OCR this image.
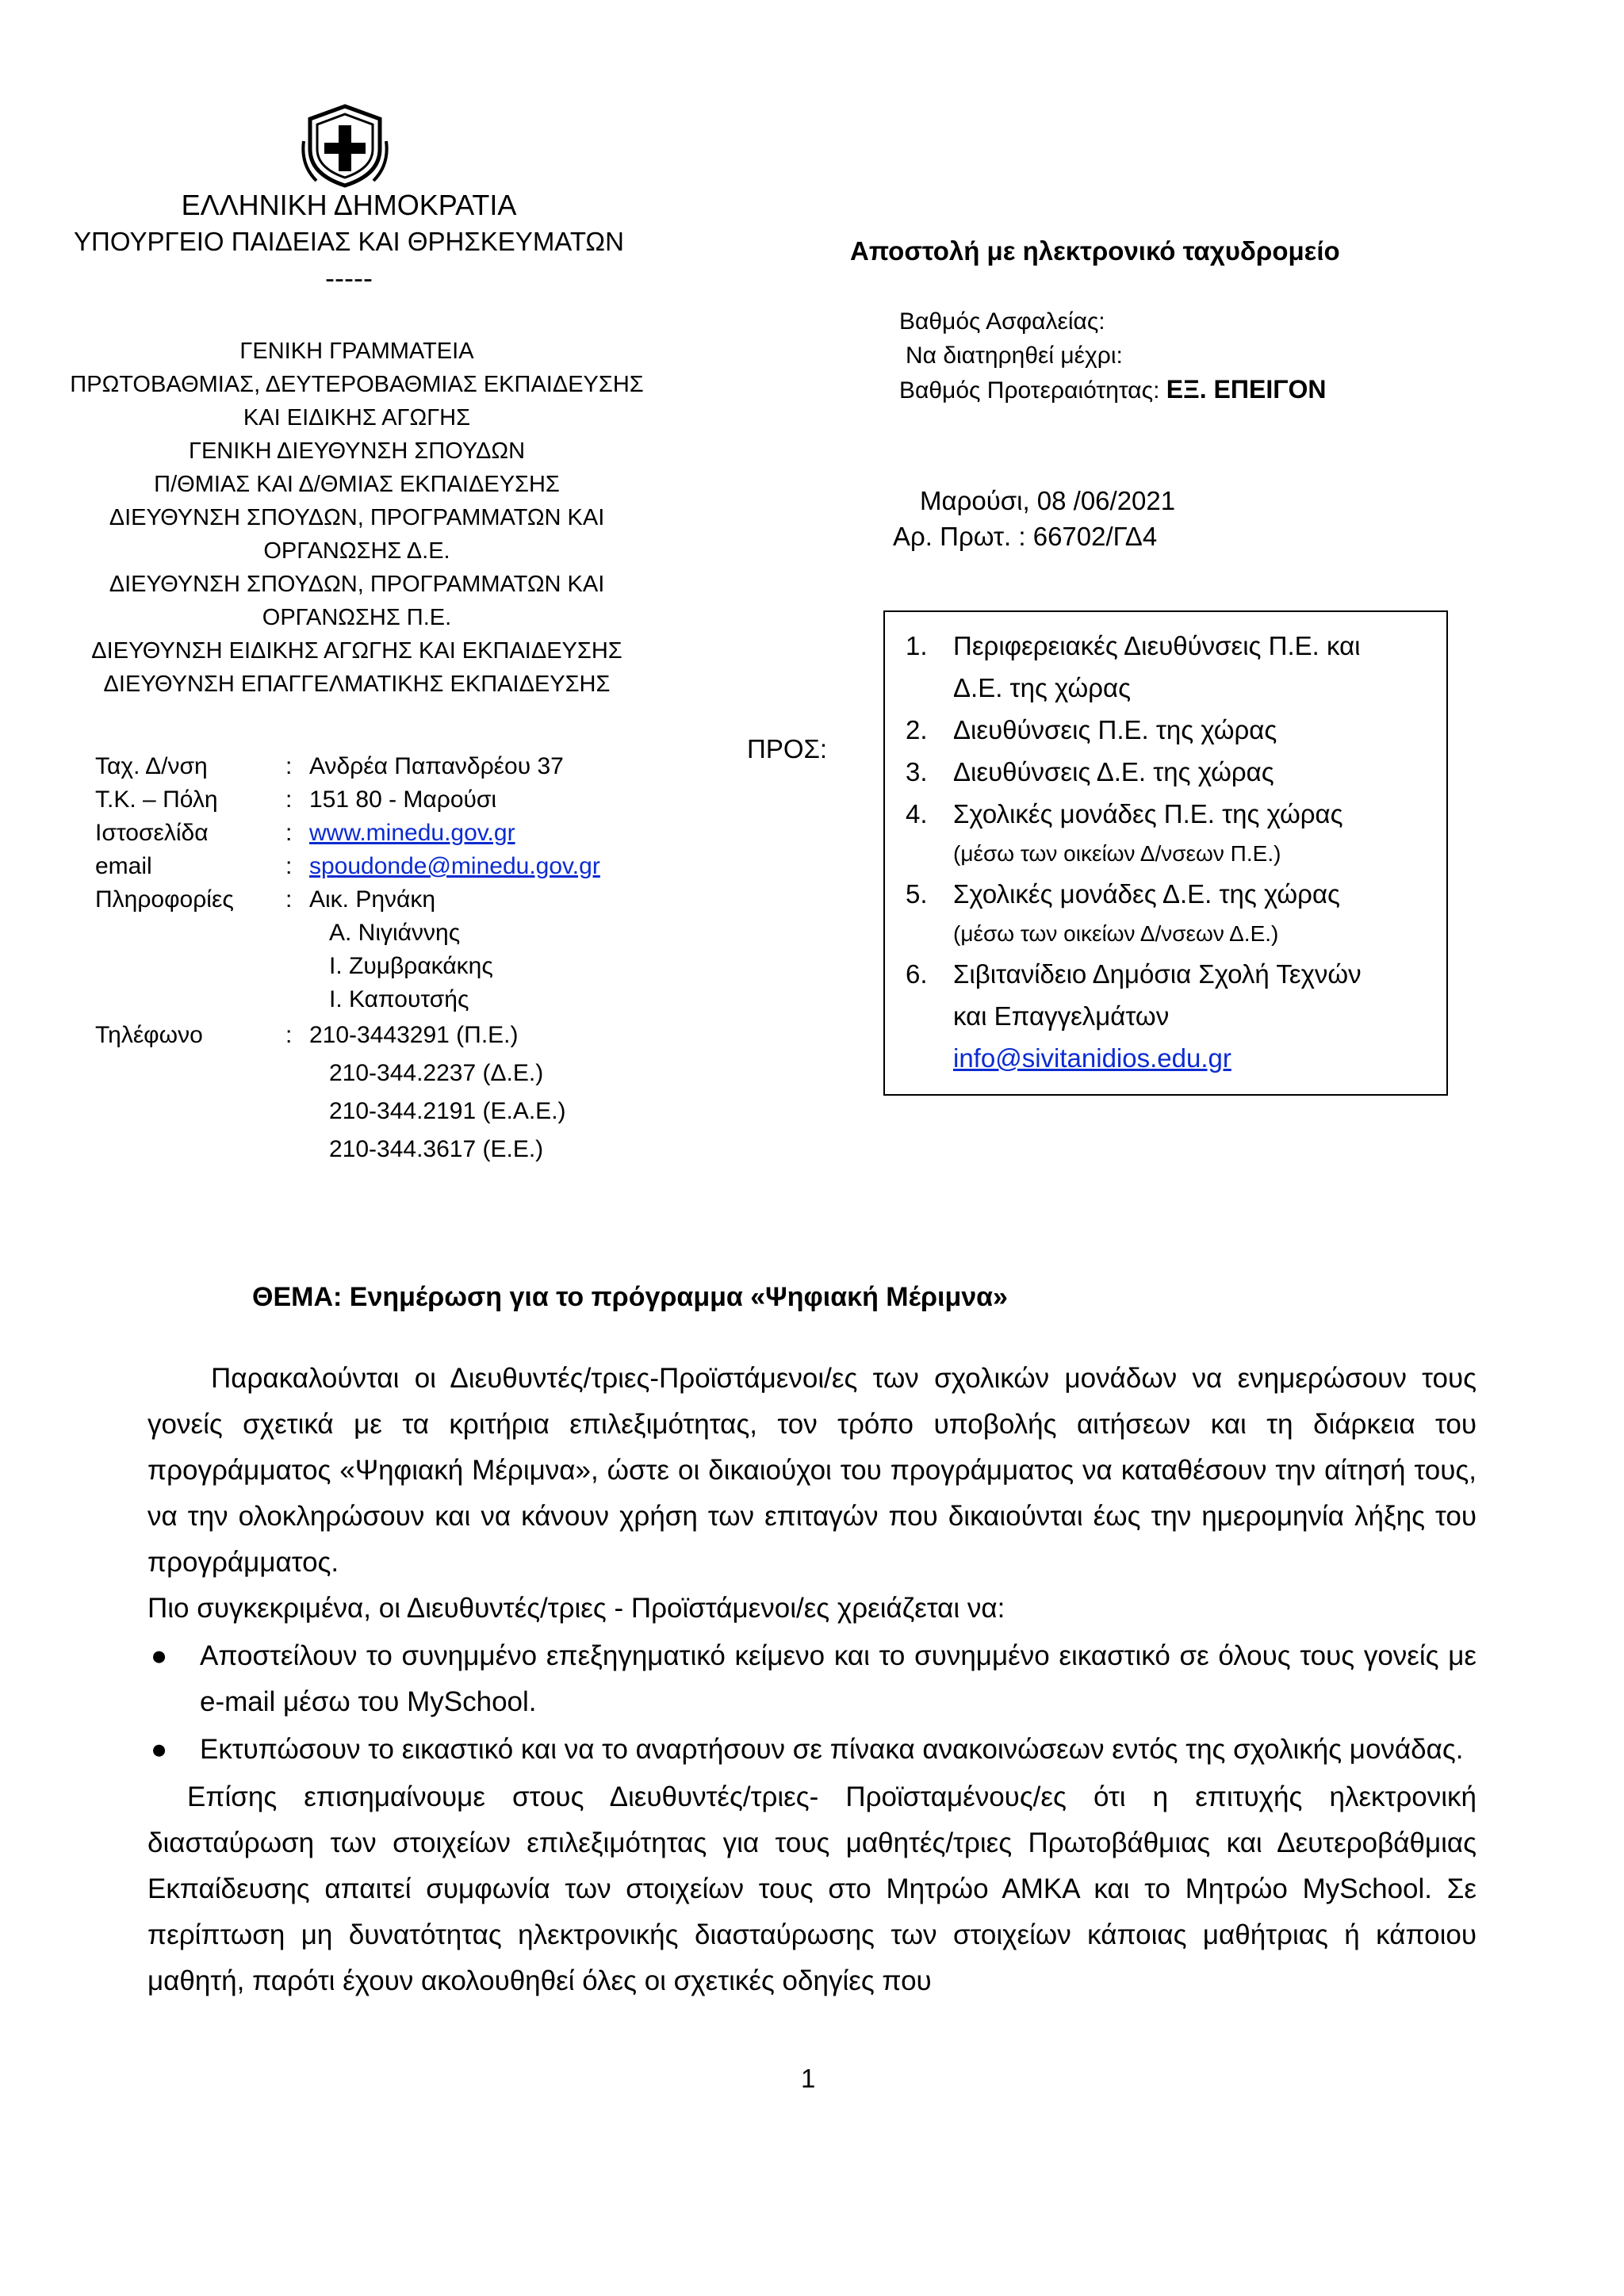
ΕΛΛΗΝΙΚΗ ΔΗΜΟΚΡΑΤΙΑ
ΥΠΟΥΡΓΕΙΟ ΠΑΙΔΕΙΑΣ ΚΑΙ ΘΡΗΣΚΕΥΜΑΤΩΝ
-----
ΓΕΝΙΚΗ ΓΡΑΜΜΑΤΕΙΑ
ΠΡΩΤΟΒΑΘΜΙΑΣ, ΔΕΥΤΕΡΟΒΑΘΜΙΑΣ ΕΚΠΑΙΔΕΥΣΗΣ
ΚΑΙ ΕΙΔΙΚΗΣ ΑΓΩΓΗΣ
ΓΕΝΙΚΗ ΔΙΕΥΘΥΝΣΗ ΣΠΟΥΔΩΝ
Π/ΘΜΙΑΣ ΚΑΙ Δ/ΘΜΙΑΣ ΕΚΠΑΙΔΕΥΣΗΣ
ΔΙΕΥΘΥΝΣΗ ΣΠΟΥΔΩΝ, ΠΡΟΓΡΑΜΜΑΤΩΝ ΚΑΙ
ΟΡΓΑΝΩΣΗΣ Δ.Ε.
ΔΙΕΥΘΥΝΣΗ ΣΠΟΥΔΩΝ, ΠΡΟΓΡΑΜΜΑΤΩΝ ΚΑΙ
ΟΡΓΑΝΩΣΗΣ Π.Ε.
ΔΙΕΥΘΥΝΣΗ ΕΙΔΙΚΗΣ ΑΓΩΓΗΣ ΚΑΙ ΕΚΠΑΙΔΕΥΣΗΣ
ΔΙΕΥΘΥΝΣΗ ΕΠΑΓΓΕΛΜΑΤΙΚΗΣ ΕΚΠΑΙΔΕΥΣΗΣ
Ταχ. Δ/νση	: Ανδρέα Παπανδρέου 37
Τ.Κ. – Πόλη	: 151 80 - Μαρούσι
Ιστοσελίδα	: www.minedu.gov.gr
email	: spoudonde@minedu.gov.gr
Πληροφορίες	: Αικ. Ρηνάκη
Α. Νιγιάννης
Ι. Ζυμβρακάκης
Ι. Καπουτσής
Τηλέφωνο	: 210-3443291 (Π.Ε.)
210-344.2237 (Δ.Ε.)
210-344.2191 (Ε.Α.Ε.)
210-344.3617 (Ε.Ε.)
Αποστολή με ηλεκτρονικό ταχυδρομείο
Βαθμός Ασφαλείας:
Να διατηρηθεί μέχρι:
Βαθμός Προτεραιότητας: ΕΞ. ΕΠΕΙΓΟΝ
Μαρούσι, 08 /06/2021
Αρ. Πρωτ. : 66702/ΓΔ4
ΠΡΟΣ:
1. Περιφερειακές Διευθύνσεις Π.Ε. και
Δ.Ε. της χώρας
2. Διευθύνσεις Π.Ε. της χώρας
3. Διευθύνσεις Δ.Ε. της χώρας
4. Σχολικές μονάδες Π.Ε. της χώρας
(μέσω των οικείων Δ/νσεων Π.Ε.)
5. Σχολικές μονάδες Δ.Ε. της χώρας
(μέσω των οικείων Δ/νσεων Δ.Ε.)
6. Σιβιτανίδειο Δημόσια Σχολή Τεχνών
και Επαγγελμάτων
info@sivitanidios.edu.gr
ΘΕΜΑ: Ενημέρωση για το πρόγραμμα «Ψηφιακή Μέριμνα»

Παρακαλούνται οι Διευθυντές/τριες-Προϊστάμενοι/ες των σχολικών μονάδων να ενημερώσουν τους γονείς σχετικά με τα κριτήρια επιλεξιμότητας, τον τρόπο υποβολής αιτήσεων και τη διάρκεια του προγράμματος «Ψηφιακή Μέριμνα», ώστε οι δικαιούχοι του προγράμματος να καταθέσουν την αίτησή τους, να την ολοκληρώσουν και να κάνουν χρήση των επιταγών που δικαιούνται έως την ημερομηνία λήξης του προγράμματος.

Πιο συγκεκριμένα, οι Διευθυντές/τριες - Προϊστάμενοι/ες χρειάζεται να:

●	Αποστείλουν το συνημμένο επεξηγηματικό κείμενο και το συνημμένο εικαστικό σε όλους τους γονείς με e-mail μέσω του MySchool.
●	Εκτυπώσουν το εικαστικό και να το αναρτήσουν σε πίνακα ανακοινώσεων εντός της σχολικής μονάδας.

Επίσης επισημαίνουμε στους Διευθυντές/τριες- Προϊσταμένους/ες ότι η επιτυχής ηλεκτρονική διασταύρωση των στοιχείων επιλεξιμότητας για τους μαθητές/τριες Πρωτοβάθμιας και Δευτεροβάθμιας Εκπαίδευσης απαιτεί συμφωνία των στοιχείων τους στο Μητρώο ΑΜΚΑ και το Μητρώο MySchool. Σε περίπτωση μη δυνατότητας ηλεκτρονικής διασταύρωσης των στοιχείων κάποιας μαθήτριας ή κάποιου μαθητή, παρότι έχουν ακολουθηθεί όλες οι σχετικές οδηγίες που

1
